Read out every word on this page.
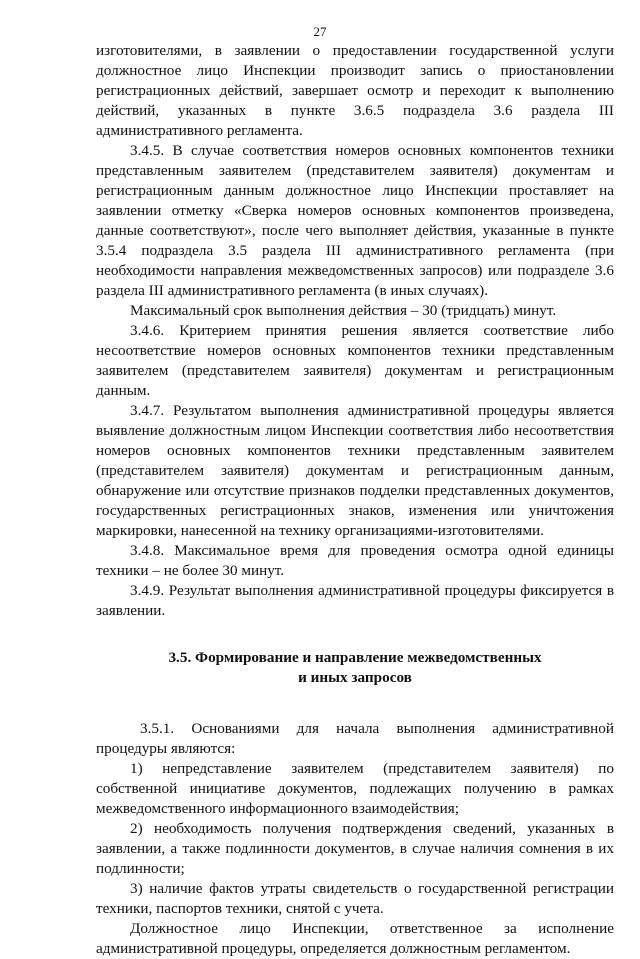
27

изготовителями, в заявлении о предоставлении государственной услуги должностное лицо Инспекции производит запись о приостановлении регистрационных действий, завершает осмотр и переходит к выполнению действий, указанных в пункте 3.6.5 подраздела 3.6 раздела III административного регламента.

3.4.5. В случае соответствия номеров основных компонентов техники представленным заявителем (представителем заявителя) документам и регистрационным данным должностное лицо Инспекции проставляет на заявлении отметку «Сверка номеров основных компонентов произведена, данные соответствуют», после чего выполняет действия, указанные в пункте 3.5.4 подраздела 3.5 раздела III административного регламента (при необходимости направления межведомственных запросов) или подразделе 3.6 раздела III административного регламента (в иных случаях).

Максимальный срок выполнения действия – 30 (тридцать) минут.

3.4.6. Критерием принятия решения является соответствие либо несоответствие номеров основных компонентов техники представленным заявителем (представителем заявителя) документам и регистрационным данным.

3.4.7. Результатом выполнения административной процедуры является выявление должностным лицом Инспекции соответствия либо несоответствия номеров основных компонентов техники представленным заявителем (представителем заявителя) документам и регистрационным данным, обнаружение или отсутствие признаков подделки представленных документов, государственных регистрационных знаков, изменения или уничтожения маркировки, нанесенной на технику организациями-изготовителями.

3.4.8. Максимальное время для проведения осмотра одной единицы техники – не более 30 минут.

3.4.9. Результат выполнения административной процедуры фиксируется в заявлении.

3.5. Формирование и направление межведомственных
и иных запросов

3.5.1. Основаниями для начала выполнения административной процедуры являются:

1) непредставление заявителем (представителем заявителя) по собственной инициативе документов, подлежащих получению в рамках межведомственного информационного взаимодействия;

2) необходимость получения подтверждения сведений, указанных в заявлении, а также подлинности документов, в случае наличия сомнения в их подлинности;

3) наличие фактов утраты свидетельств о государственной регистрации техники, паспортов техники, снятой с учета.

Должностное лицо Инспекции, ответственное за исполнение административной процедуры, определяется должностным регламентом.
